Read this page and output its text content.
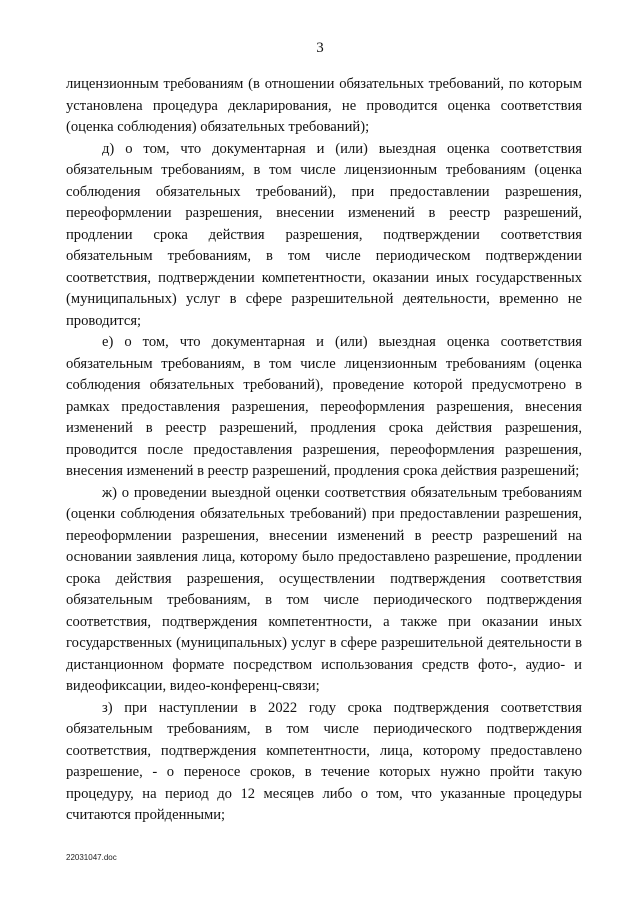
3

лицензионным требованиям (в отношении обязательных требований, по которым установлена процедура декларирования, не проводится оценка соответствия (оценка соблюдения) обязательных требований);

д) о том, что документарная и (или) выездная оценка соответствия обязательным требованиям, в том числе лицензионным требованиям (оценка соблюдения обязательных требований), при предоставлении разрешения, переоформлении разрешения, внесении изменений в реестр разрешений, продлении срока действия разрешения, подтверждении соответствия обязательным требованиям, в том числе периодическом подтверждении соответствия, подтверждении компетентности, оказании иных государственных (муниципальных) услуг в сфере разрешительной деятельности, временно не проводится;

е) о том, что документарная и (или) выездная оценка соответствия обязательным требованиям, в том числе лицензионным требованиям (оценка соблюдения обязательных требований), проведение которой предусмотрено в рамках предоставления разрешения, переоформления разрешения, внесения изменений в реестр разрешений, продления срока действия разрешения, проводится после предоставления разрешения, переоформления разрешения, внесения изменений в реестр разрешений, продления срока действия разрешений;

ж) о проведении выездной оценки соответствия обязательным требованиям (оценки соблюдения обязательных требований) при предоставлении разрешения, переоформлении разрешения, внесении изменений в реестр разрешений на основании заявления лица, которому было предоставлено разрешение, продлении срока действия разрешения, осуществлении подтверждения соответствия обязательным требованиям, в том числе периодического подтверждения соответствия, подтверждения компетентности, а также при оказании иных государственных (муниципальных) услуг в сфере разрешительной деятельности в дистанционном формате посредством использования средств фото-, аудио- и видеофиксации, видео-конференц-связи;

з) при наступлении в 2022 году срока подтверждения соответствия обязательным требованиям, в том числе периодического подтверждения соответствия, подтверждения компетентности, лица, которому предоставлено разрешение, - о переносе сроков, в течение которых нужно пройти такую процедуру, на период до 12 месяцев либо о том, что указанные процедуры считаются пройденными;

22031047.doc
